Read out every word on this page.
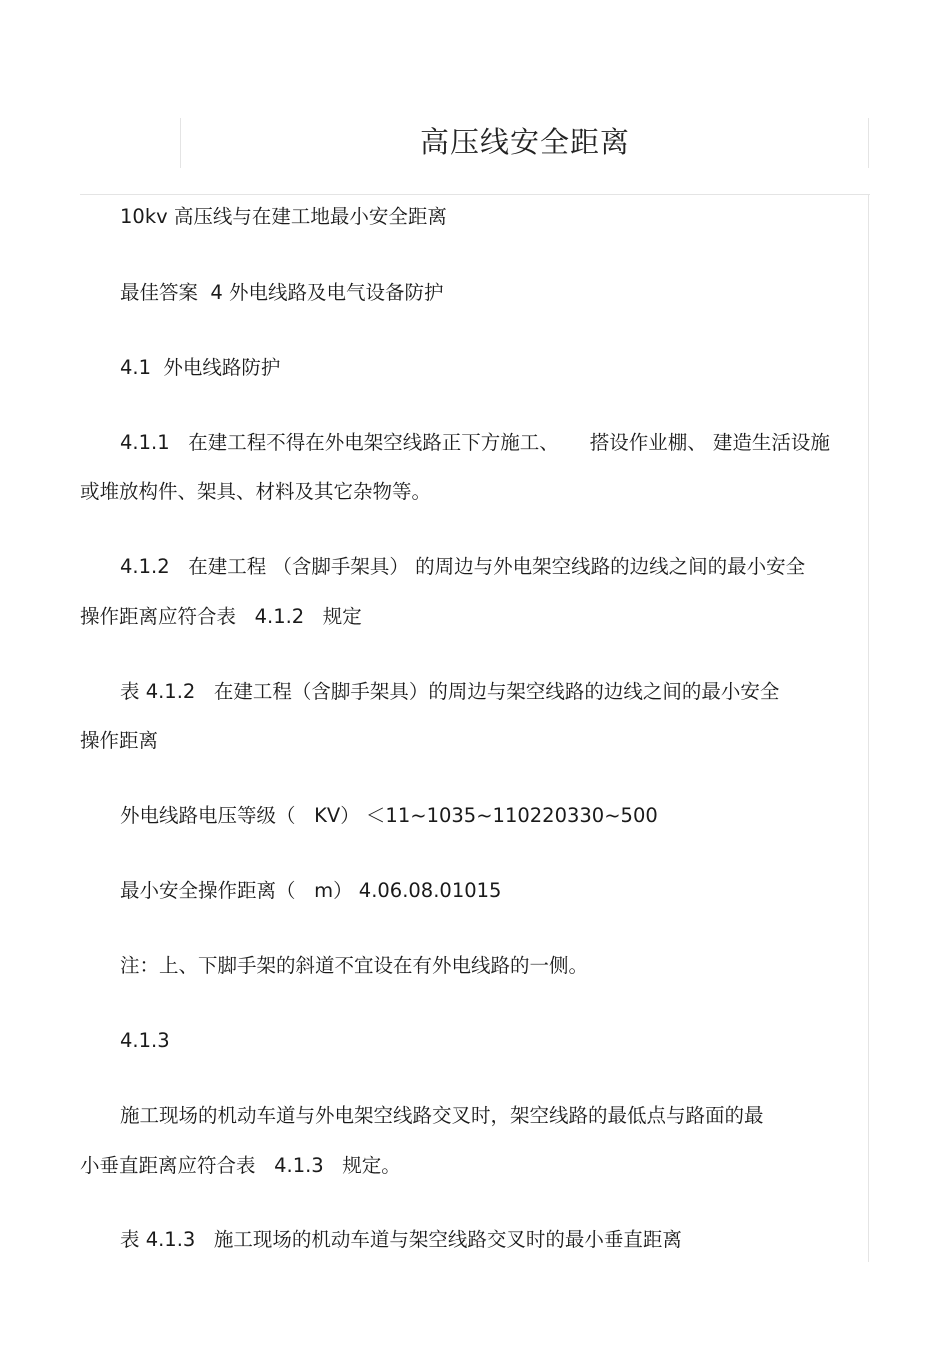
高压线安全距离
10kv 高压线与在建工地最小安全距离
最佳答案  4 外电线路及电气设备防护
4.1  外电线路防护
4.1.1   在建工程不得在外电架空线路正下方施工、     搭设作业棚、 建造生活设施
或堆放构件、架具、材料及其它杂物等。
4.1.2   在建工程 （含脚手架具） 的周边与外电架空线路的边线之间的最小安全
操作距离应符合表   4.1.2   规定
表 4.1.2   在建工程（含脚手架具）的周边与架空线路的边线之间的最小安全
操作距离
外电线路电压等级（   KV） ＜11~1035~110220330~500
最小安全操作距离（   m） 4.06.08.01015
注：上、下脚手架的斜道不宜设在有外电线路的一侧。
4.1.3
施工现场的机动车道与外电架空线路交叉时，架空线路的最低点与路面的最
小垂直距离应符合表   4.1.3   规定。
表 4.1.3   施工现场的机动车道与架空线路交叉时的最小垂直距离
